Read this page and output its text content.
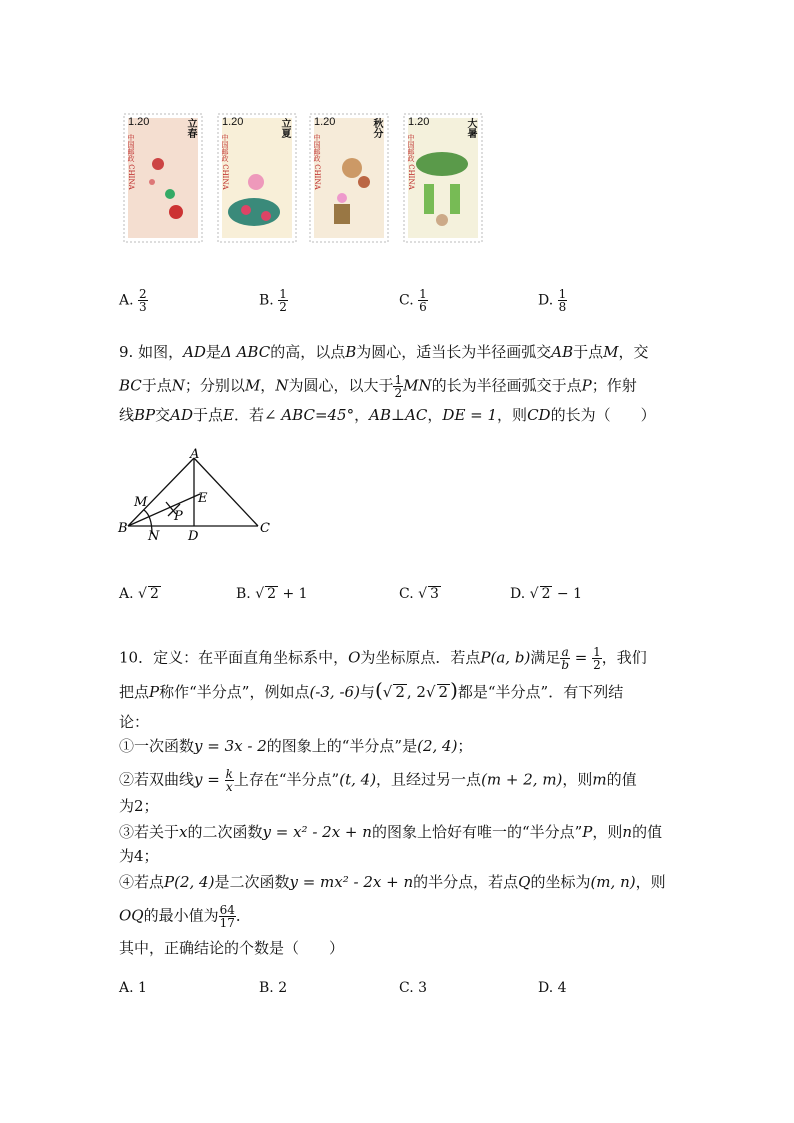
1.20	立春
中国邮政 CHINA
1.20	立夏
中国邮政 CHINA
1.20	秋分
中国邮政 CHINA
1.20	大暑
中国邮政 CHINA
A. $\frac{2}{3}$	B. $\frac{1}{2}$	C. $\frac{1}{6}$	D. $\frac{1}{8}$
9. 如图，AD是Δ ABC的高，以点B为圆心，适当长为半径画弧交AB于点M，交
BC于点N；分别以M，N为圆心，以大于 $\frac{1}{2}$ MN的长为半径画弧交于点P；作射
线BP交AD于点E．若∠ ABC=45°，AB⊥AC，DE = 1，则CD的长为（　　）
A
B	C
D
E
M
N
P
A. √ 2	B. √ 2 + 1	C. √ 3	D. √ 2 − 1
10．定义：在平面直角坐标系中，O为坐标原点．若点P(a, b)满足 $\frac{a}{b} = \frac{1}{2}$ ，我们
把点P称作“半分点”，例如点(-3, -6)与(√ 2 , 2√ 2 )都是“半分点”．有下列结
论：
①一次函数y = 3x - 2的图象上的“半分点”是(2, 4)；
②若双曲线$y = \frac{k}{x}$ 上存在“半分点”(t, 4)，且经过另一点(m + 2, m)，则m的值
为2；
③若关于x的二次函数y = x² - 2x + n的图象上恰好有唯一的“半分点”P，则n的值
为4；
④若点P(2, 4)是二次函数y = mx² - 2x + n的半分点，若点Q的坐标为(m, n)，则
OQ的最小值为 $\frac{64}{17}$ ．
其中，正确结论的个数是（　　）
A. 1	B. 2	C. 3	D. 4
